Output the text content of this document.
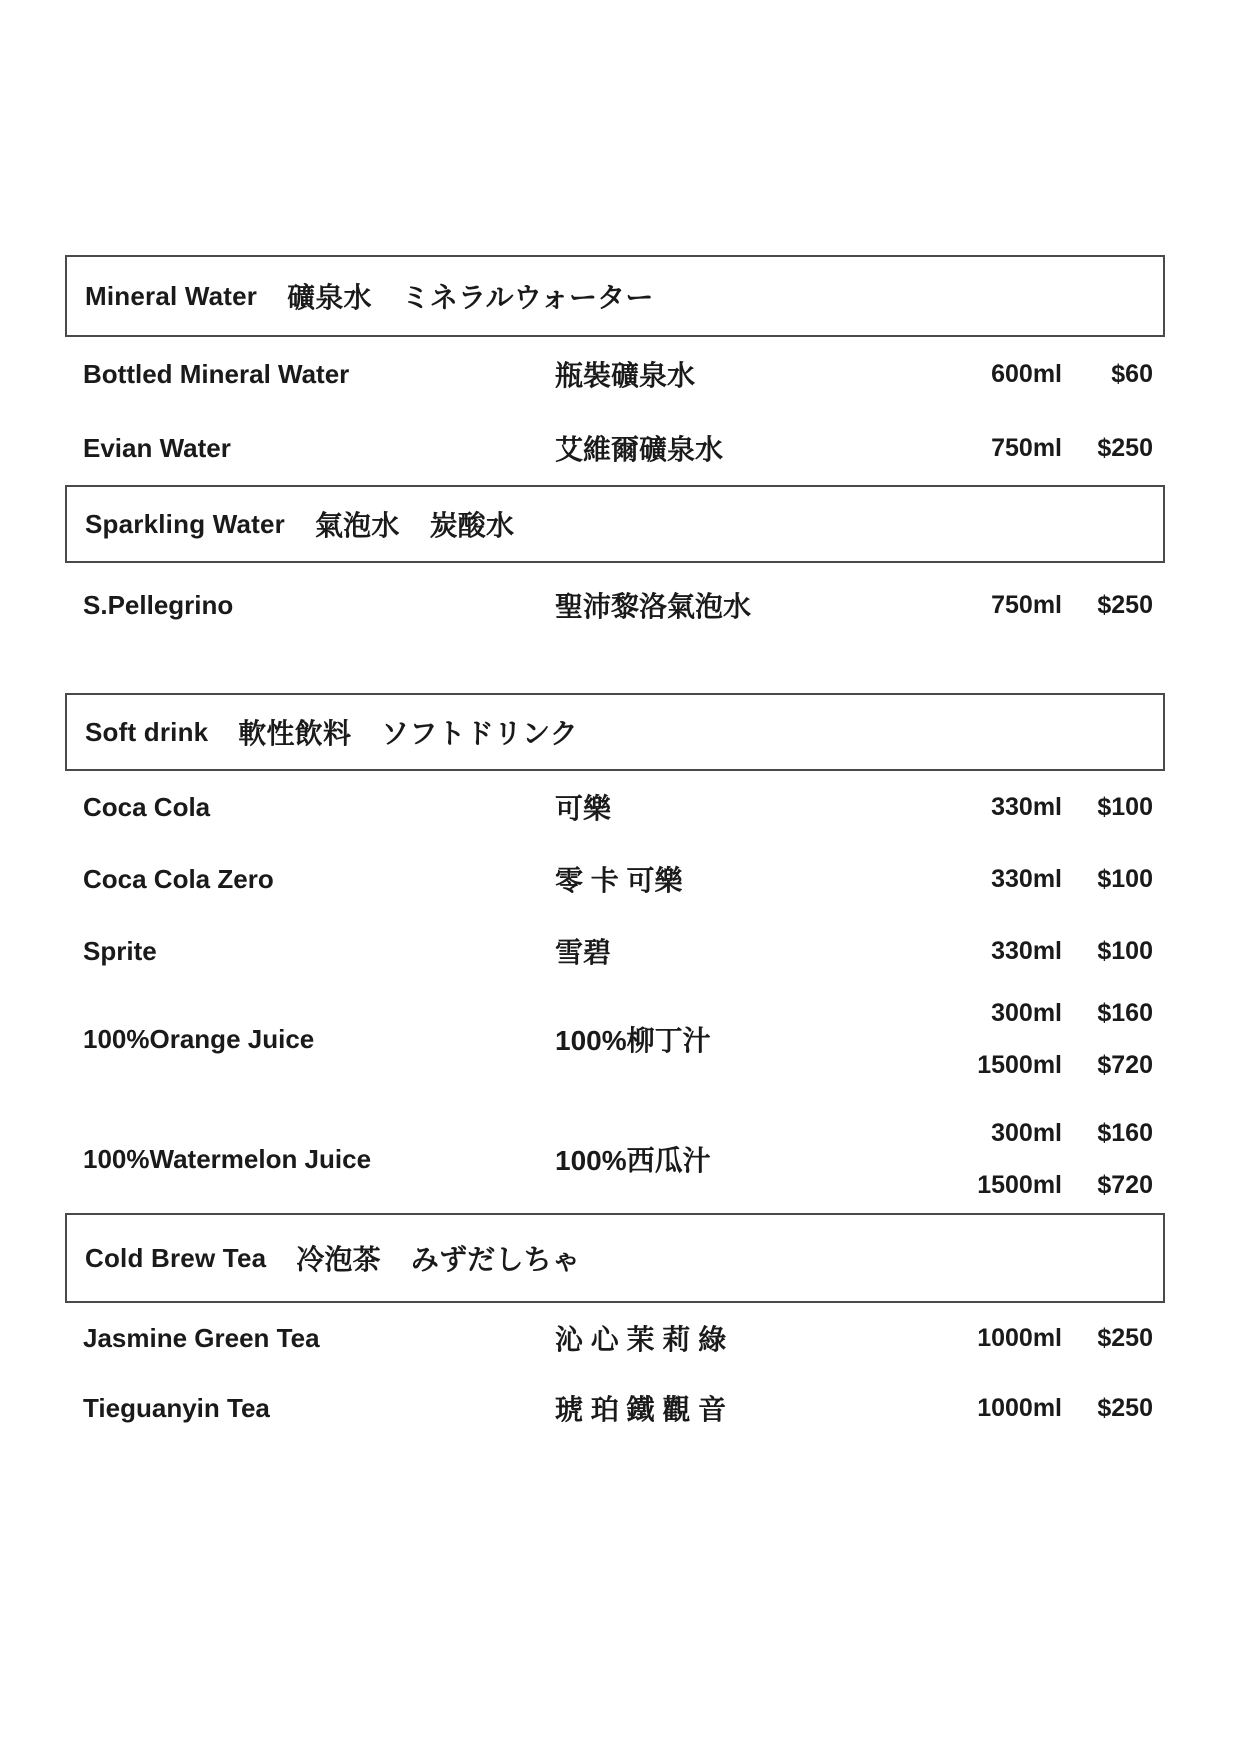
Mineral Water 礦泉水 ミネラルウォーター
Bottled Mineral Water	瓶裝礦泉水	600ml	$60
Evian Water	艾維爾礦泉水	750ml	$250
Sparkling Water 氣泡水 炭酸水
S.Pellegrino	聖沛黎洛氣泡水	750ml	$250
Soft drink 軟性飲料 ソフトドリンク
Coca Cola	可樂	330ml	$100
Coca Cola Zero	零 卡 可樂	330ml	$100
Sprite	雪碧	330ml	$100
100%Orange Juice	100%柳丁汁
300ml	$160
1500ml	$720
100%Watermelon Juice	100%西瓜汁
300ml	$160
1500ml	$720
Cold Brew Tea 冷泡茶 みずだしちゃ
Jasmine Green Tea	沁 心 茉 莉 綠	1000ml	$250
Tieguanyin Tea	琥 珀 鐵 觀 音	1000ml	$250
